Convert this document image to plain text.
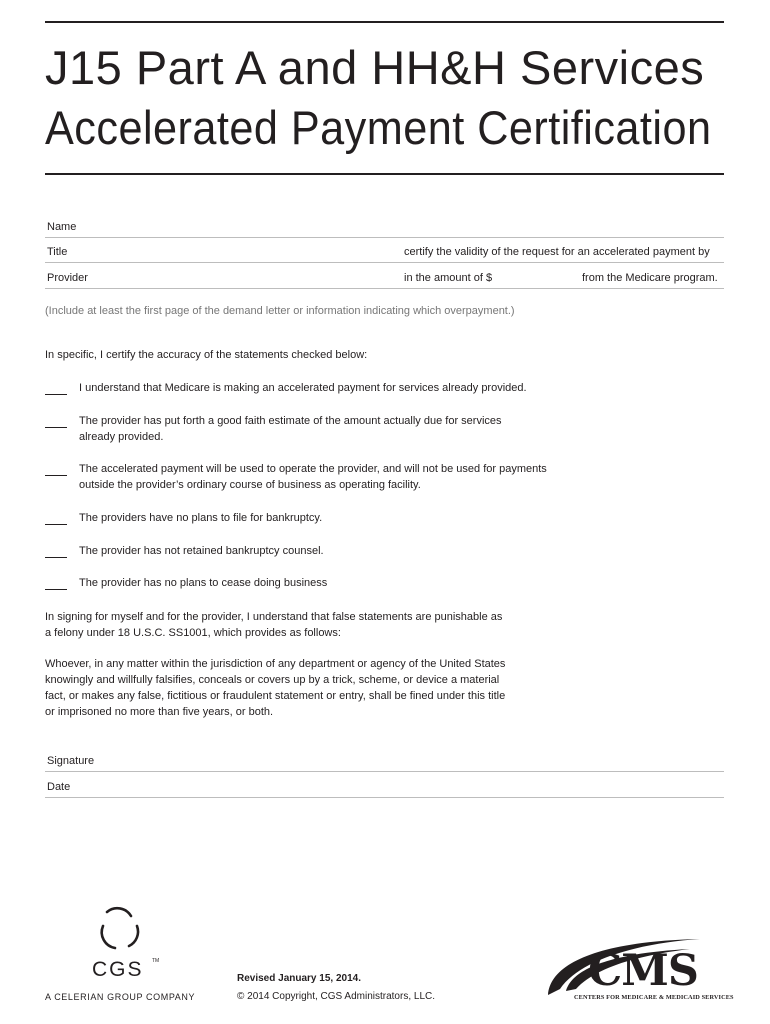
J15 Part A and HH&H Services
Accelerated Payment Certification
Name
Title	certify the validity of the request for an accelerated payment by
Provider	in the amount of $	from the Medicare program.
(Include at least the first page of the demand letter or information indicating which overpayment.)
In specific, I certify the accuracy of the statements checked below:
I understand that Medicare is making an accelerated payment for services already provided.
The provider has put forth a good faith estimate of the amount actually due for services
already provided.
The accelerated payment will be used to operate the provider, and will not be used for payments
outside the provider’s ordinary course of business as operating facility.
The providers have no plans to file for bankruptcy.
The provider has not retained bankruptcy counsel.
The provider has no plans to cease doing business
In signing for myself and for the provider, I understand that false statements are punishable as
a felony under 18 U.S.C. SS1001, which provides as follows:
Whoever, in any matter within the jurisdiction of any department or agency of the United States
knowingly and willfully falsifies, conceals or covers up by a trick, scheme, or device a material
fact, or makes any false, fictitious or fraudulent statement or entry, shall be fined under this title
or imprisoned no more than five years, or both.
Signature
Date
CGS TM
A CELERIAN GROUP COMPANY
Revised January 15, 2014.
© 2014 Copyright, CGS Administrators, LLC.
CMS
CENTERS FOR MEDICARE & MEDICAID SERVICES
